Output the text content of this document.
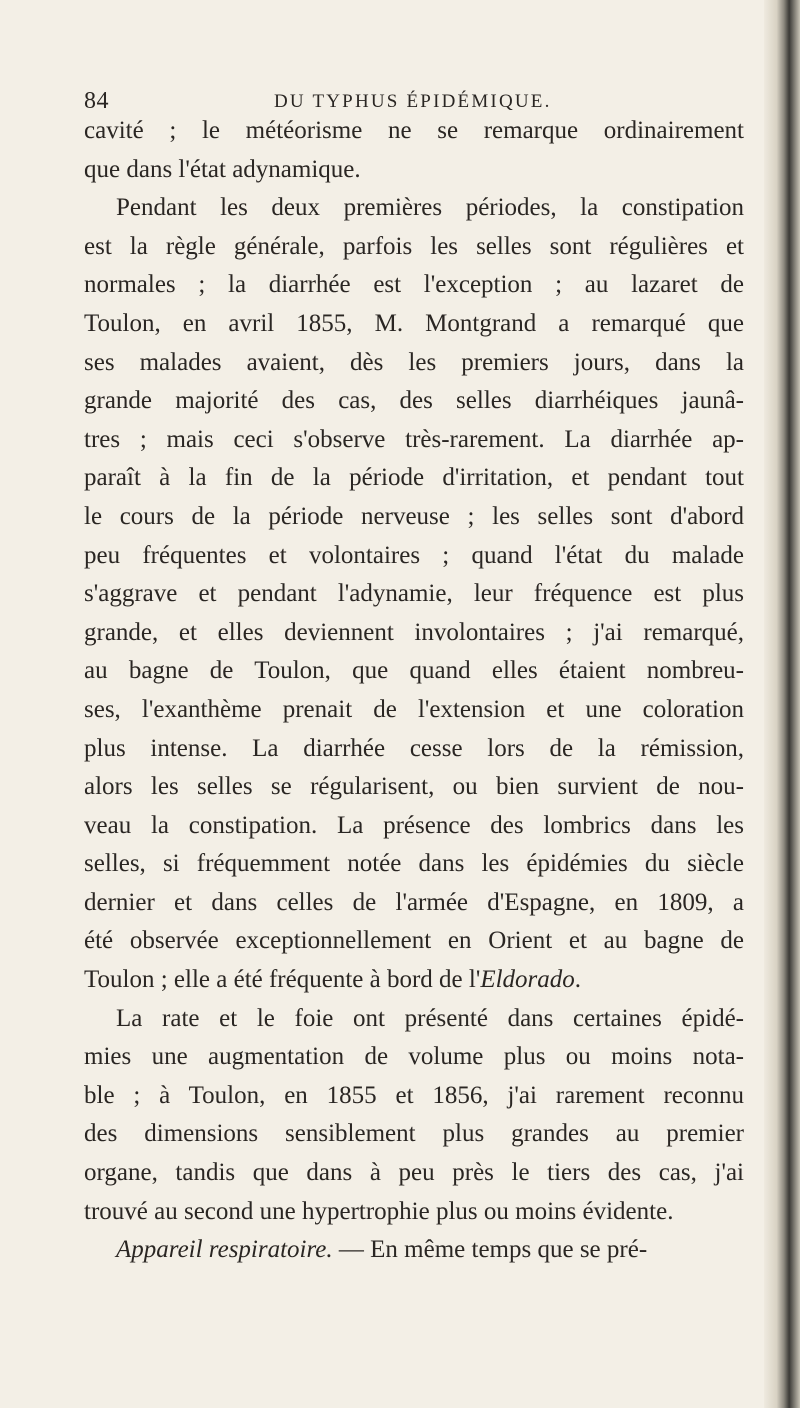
84	DU TYPHUS ÉPIDÉMIQUE.
cavité ; le météorisme ne se remarque ordinairement
que dans l'état adynamique.
Pendant les deux premières périodes, la constipation
est la règle générale, parfois les selles sont régulières et
normales ; la diarrhée est l'exception ; au lazaret de
Toulon, en avril 1855, M. Montgrand a remarqué que
ses malades avaient, dès les premiers jours, dans la
grande majorité des cas, des selles diarrhéiques jaunâ-
tres ; mais ceci s'observe très-rarement. La diarrhée ap-
paraît à la fin de la période d'irritation, et pendant tout
le cours de la période nerveuse ; les selles sont d'abord
peu fréquentes et volontaires ; quand l'état du malade
s'aggrave et pendant l'adynamie, leur fréquence est plus
grande, et elles deviennent involontaires ; j'ai remarqué,
au bagne de Toulon, que quand elles étaient nombreu-
ses, l'exanthème prenait de l'extension et une coloration
plus intense. La diarrhée cesse lors de la rémission,
alors les selles se régularisent, ou bien survient de nou-
veau la constipation. La présence des lombrics dans les
selles, si fréquemment notée dans les épidémies du siècle
dernier et dans celles de l'armée d'Espagne, en 1809, a
été observée exceptionnellement en Orient et au bagne de
Toulon ; elle a été fréquente à bord de l'Eldorado.
La rate et le foie ont présenté dans certaines épidé-
mies une augmentation de volume plus ou moins nota-
ble ; à Toulon, en 1855 et 1856, j'ai rarement reconnu
des dimensions sensiblement plus grandes au premier
organe, tandis que dans à peu près le tiers des cas, j'ai
trouvé au second une hypertrophie plus ou moins évidente.
Appareil respiratoire. — En même temps que se pré-
